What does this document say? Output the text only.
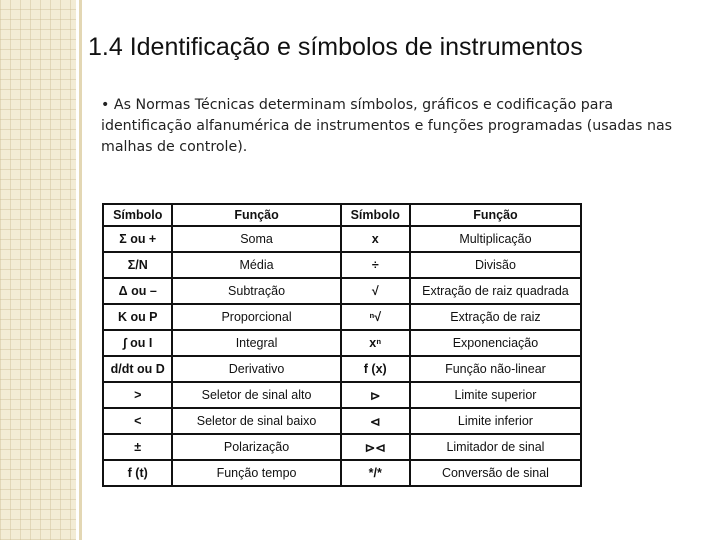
1.4 Identificação e símbolos de instrumentos
• As Normas Técnicas determinam símbolos, gráficos e codificação para identificação alfanumérica de instrumentos e funções programadas (usadas nas malhas de controle).
Símbolo	Função	Símbolo	Função
Σ ou +	Soma	x	Multiplicação
Σ/N	Média	÷	Divisão
Δ ou –	Subtração	√	Extração de raiz quadrada
K ou P	Proporcional	ⁿ√	Extração de raiz
∫ ou I	Integral	xⁿ	Exponenciação
d/dt ou D	Derivativo	f (x)	Função não-linear
>	Seletor de sinal alto	⊳	Limite superior
<	Seletor de sinal baixo	⊲	Limite inferior
±	Polarização	⊳⊲	Limitador de sinal
f (t)	Função tempo	*/*	Conversão de sinal
